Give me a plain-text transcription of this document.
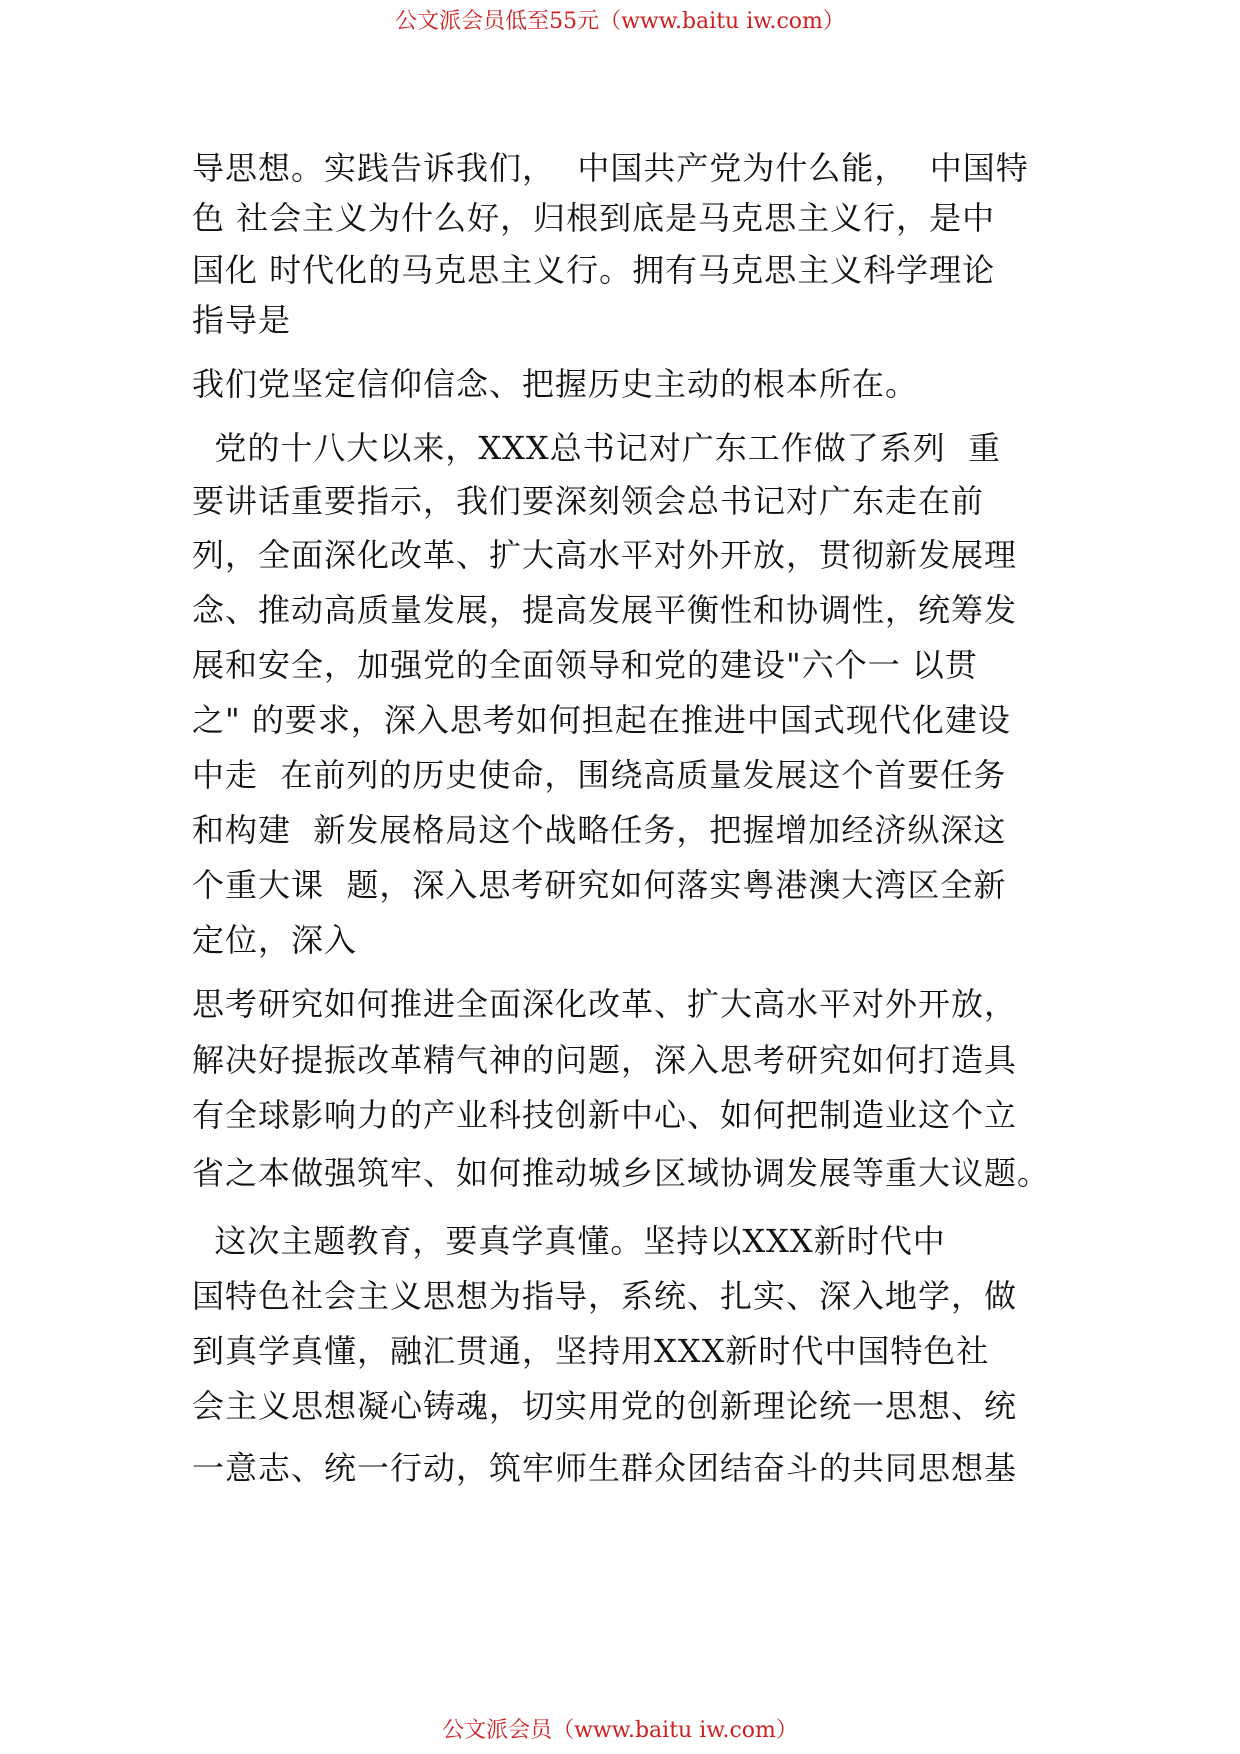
公文派会员低至55元（www.baitu iw.com）
导思想。实践告诉我们，  中国共产党为什么能，  中国特
色 社会主义为什么好，归根到底是马克思主义行，是中
国化 时代化的马克思主义行。拥有马克思主义科学理论
指导是
我们党坚定信仰信念、把握历史主动的根本所在。
党的十八大以来，XXX总书记对广东工作做了系列  重
要讲话重要指示，我们要深刻领会总书记对广东走在前
列，全面深化改革、扩大高水平对外开放，贯彻新发展理
念、推动高质量发展，提高发展平衡性和协调性，统筹发
展和安全，加强党的全面领导和党的建设"六个一 以贯
之" 的要求，深入思考如何担起在推进中国式现代化建设
中走  在前列的历史使命，围绕高质量发展这个首要任务
和构建  新发展格局这个战略任务，把握增加经济纵深这
个重大课  题，深入思考研究如何落实粤港澳大湾区全新
定位，深入
思考研究如何推进全面深化改革、扩大高水平对外开放，
解决好提振改革精气神的问题，深入思考研究如何打造具
有全球影响力的产业科技创新中心、如何把制造业这个立
省之本做强筑牢、如何推动城乡区域协调发展等重大议题。
这次主题教育，要真学真懂。坚持以XXX新时代中
国特色社会主义思想为指导，系统、扎实、深入地学，做
到真学真懂，融汇贯通，坚持用XXX新时代中国特色社
会主义思想凝心铸魂，切实用党的创新理论统一思想、统
一意志、统一行动，筑牢师生群众团结奋斗的共同思想基
公文派会员（www.baitu iw.com）
